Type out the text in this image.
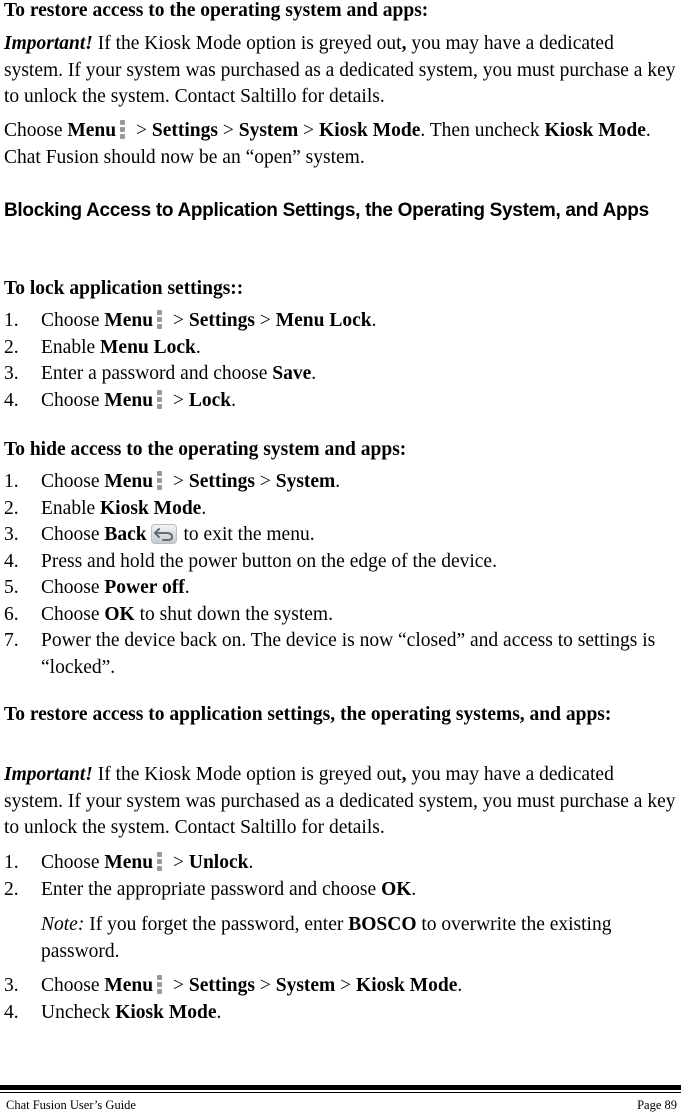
To restore access to the operating system and apps:

Important! If the Kiosk Mode option is greyed out, you may have a dedicated system. If your system was purchased as a dedicated system, you must purchase a key to unlock the system. Contact Saltillo for details.

Choose Menu
> Settings > System > Kiosk Mode. Then uncheck Kiosk Mode. Chat Fusion should now be an “open” system.

Blocking Access to Application Settings, the Operating System, and Apps
To lock application settings::
1. Choose Menu
> Settings > Menu Lock.
2. Enable Menu Lock.
3. Enter a password and choose Save.
4. Choose Menu
> Lock.
To hide access to the operating system and apps:
1. Choose Menu
> Settings > System.
2. Enable Kiosk Mode.
3. Choose Back to exit the menu.
4. Press and hold the power button on the edge of the device.
5. Choose Power off.
6. Choose OK to shut down the system.
7. Power the device back on. The device is now “closed” and access to settings is “locked”.
To restore access to application settings, the operating systems, and apps:

Important! If the Kiosk Mode option is greyed out, you may have a dedicated system. If your system was purchased as a dedicated system, you must purchase a key to unlock the system. Contact Saltillo for details.

1. Choose Menu
> Unlock.
2. Enter the appropriate password and choose OK.

Note: If you forget the password, enter BOSCO to overwrite the existing password.

3. Choose Menu
> Settings > System > Kiosk Mode.
4. Uncheck Kiosk Mode.
Chat Fusion User’s Guide	Page 89
